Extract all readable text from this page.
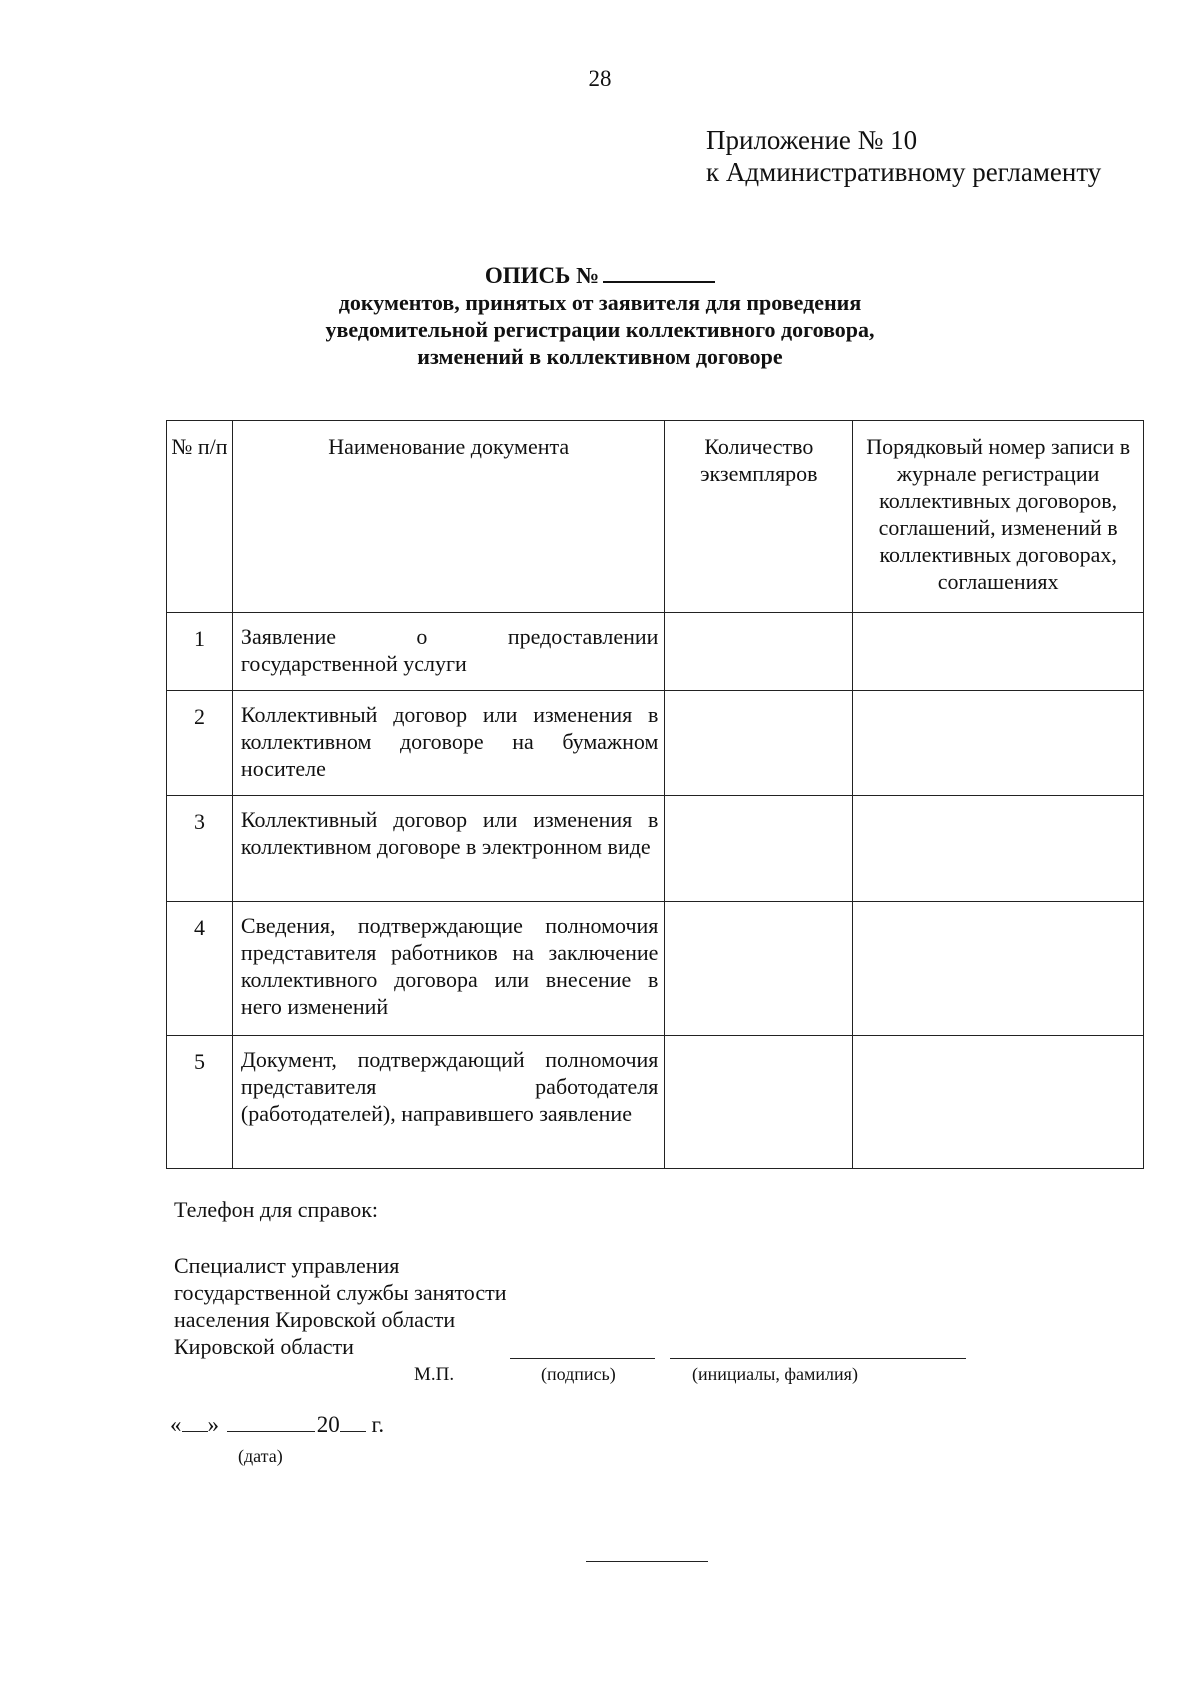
28
Приложение № 10
к Административному регламенту
ОПИСЬ №
документов, принятых от заявителя для проведения
уведомительной регистрации коллективного договора,
изменений в коллективном договоре
№ п/п	Наименование документа	Количество экземпляров	Порядковый номер записи в журнале регистрации коллективных договоров, соглашений, изменений в коллективных договорах, соглашениях
1	Заявление о предоставлении государственной услуги		
2	Коллективный договор или изменения в коллективном договоре на бумажном носителе		
3	Коллективный договор или изменения в коллективном договоре в электронном виде		
4	Сведения, подтверждающие полномочия представителя работников на заключение коллективного договора или внесение в него изменений		
5	Документ, подтверждающий полномочия представителя работодателя (работодателей), направившего заявление		
Телефон для справок:
Специалист управления
государственной службы занятости
населения Кировской области
Кировской области
М.П.	(подпись)	(инициалы, фамилия)
« »	20 г.
(дата)
